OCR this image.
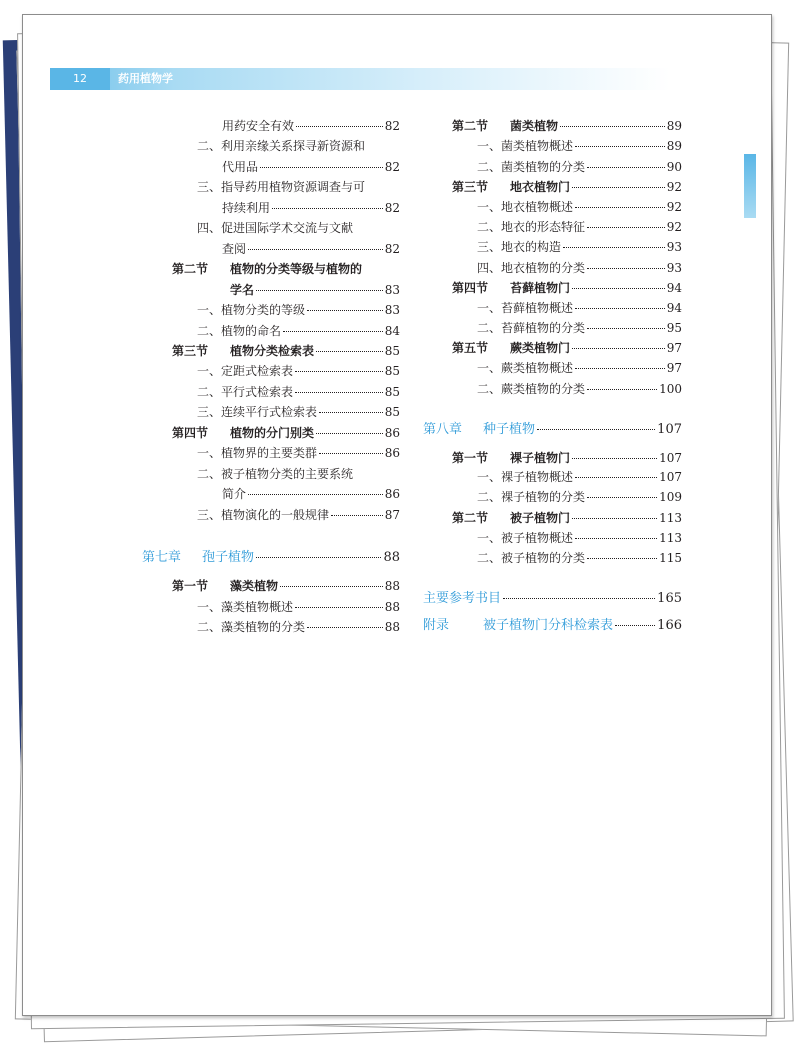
12	药用植物学
用药安全有效	82
二、利用亲缘关系探寻新资源和
代用品	82
三、指导药用植物资源调查与可
持续利用	82
四、促进国际学术交流与文献
查阅	82
第二节 植物的分类等级与植物的
学名	83
一、植物分类的等级	83
二、植物的命名	84
第三节 植物分类检索表	85
一、定距式检索表	85
二、平行式检索表	85
三、连续平行式检索表	85
第四节 植物的分门别类	86
一、植物界的主要类群	86
二、被子植物分类的主要系统
简介	86
三、植物演化的一般规律	87
第七章 孢子植物	88
第一节 藻类植物	88
一、藻类植物概述	88
二、藻类植物的分类	88
第二节 菌类植物	89
一、菌类植物概述	89
二、菌类植物的分类	90
第三节 地衣植物门	92
一、地衣植物概述	92
二、地衣的形态特征	92
三、地衣的构造	93
四、地衣植物的分类	93
第四节 苔藓植物门	94
一、苔藓植物概述	94
二、苔藓植物的分类	95
第五节 蕨类植物门	97
一、蕨类植物概述	97
二、蕨类植物的分类	100
第八章 种子植物	107
第一节 裸子植物门	107
一、裸子植物概述	107
二、裸子植物的分类	109
第二节 被子植物门	113
一、被子植物概述	113
二、被子植物的分类	115
主要参考书目	165
附录	被子植物门分科检索表	166
